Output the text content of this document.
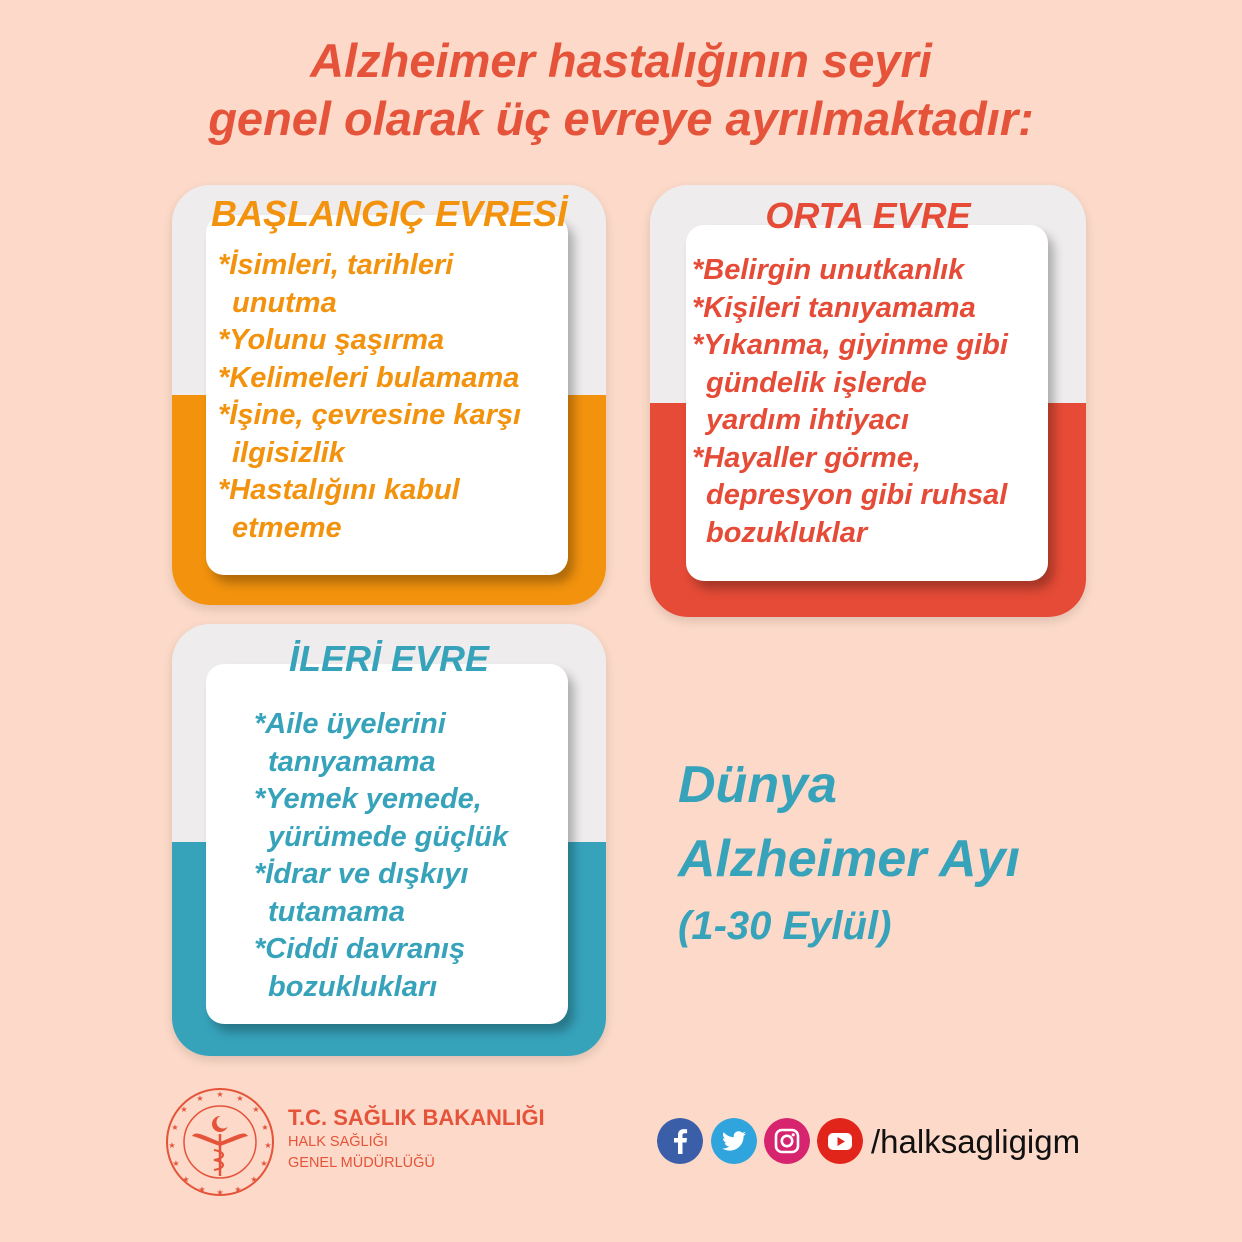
Alzheimer hastalığının seyri
genel olarak üç evreye ayrılmaktadır:
BAŞLANGIÇ EVRESİ
*İsimleri, tarihleri
unutma
*Yolunu şaşırma
*Kelimeleri bulamama
*İşine, çevresine karşı
ilgisizlik
*Hastalığını kabul
etmeme
ORTA EVRE
*Belirgin unutkanlık
*Kişileri tanıyamama
*Yıkanma, giyinme gibi
gündelik işlerde
yardım ihtiyacı
*Hayaller görme,
depresyon gibi ruhsal
bozukluklar
İLERİ EVRE
*Aile üyelerini
tanıyamama
*Yemek yemede,
yürümede güçlük
*İdrar ve dışkıyı
tutamama
*Ciddi davranış
bozuklukları
Dünya
Alzheimer Ayı
(1-30 Eylül)
★ ★
★
★
★
★
★
★
★
★
★
★
★
★
★
★
T.C. SAĞLIK BAKANLIĞI
HALK SAĞLIĞI
GENEL MÜDÜRLÜĞÜ
/halksagligigm
